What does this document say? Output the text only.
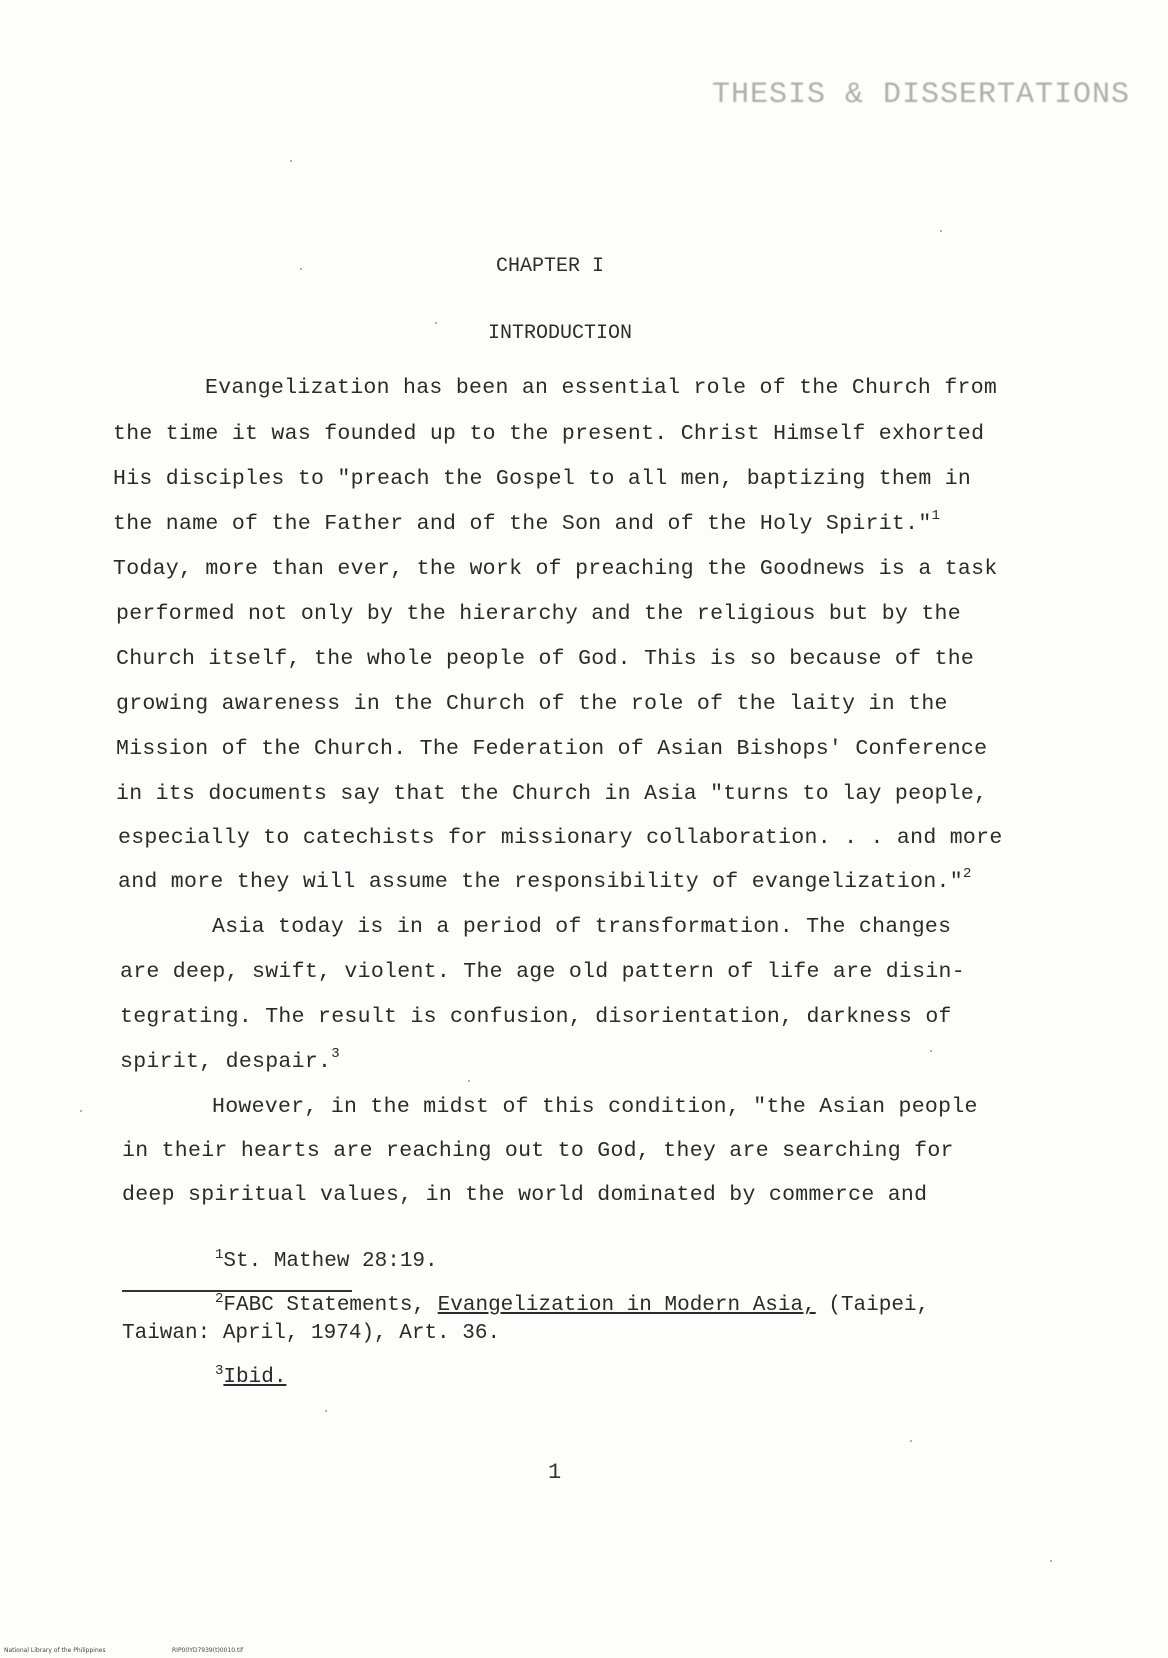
THESIS & DISSERTATIONS
CHAPTER I
INTRODUCTION
Evangelization has been an essential role of the Church from
the time it was founded up to the present. Christ Himself exhorted
His disciples to "preach the Gospel to all men, baptizing them in
the name of the Father and of the Son and of the Holy Spirit."$^1$
Today, more than ever, the work of preaching the Goodnews is a task
performed not only by the hierarchy and the religious but by the
Church itself, the whole people of God. This is so because of the
growing awareness in the Church of the role of the laity in the
Mission of the Church. The Federation of Asian Bishops' Conference
in its documents say that the Church in Asia "turns to lay people,
especially to catechists for missionary collaboration. . . and more
and more they will assume the responsibility of evangelization."$^2$
Asia today is in a period of transformation. The changes
are deep, swift, violent. The age old pattern of life are disin-
tegrating. The result is confusion, disorientation, darkness of
spirit, despair.$^3$
However, in the midst of this condition, "the Asian people
in their hearts are reaching out to God, they are searching for
deep spiritual values, in the world dominated by commerce and
$^1$St. Mathew 28:19.
$^2$FABC Statements, Evangelization in Modern Asia, (Taipei,
Taiwan: April, 1974), Art. 36.
$^3$Ibid.
1
National Library of the Philippines	RIP00YD7939(t)0010.tif
